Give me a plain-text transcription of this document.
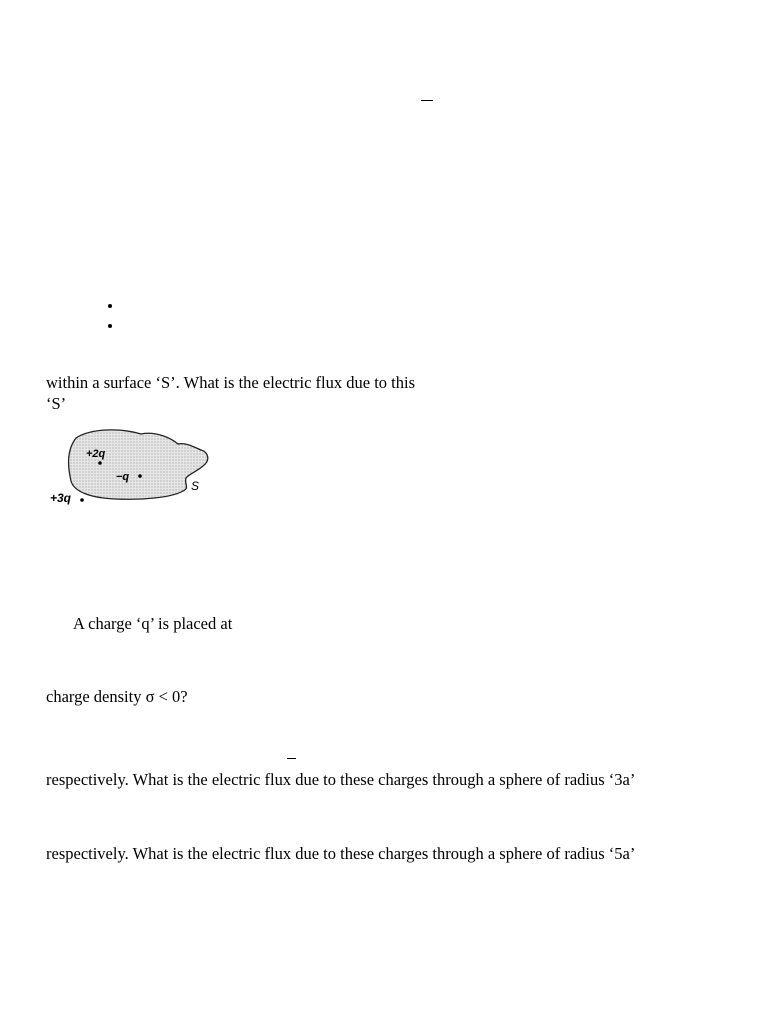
within a surface ‘S’. What is the electric flux due to this
‘S’
+2q
−q
+3q
S
A charge ‘q’ is placed at
charge density σ < 0?
respectively. What is the electric flux due to these charges through a sphere of radius ‘3a’
respectively. What is the electric flux due to these charges through a sphere of radius ‘5a’
